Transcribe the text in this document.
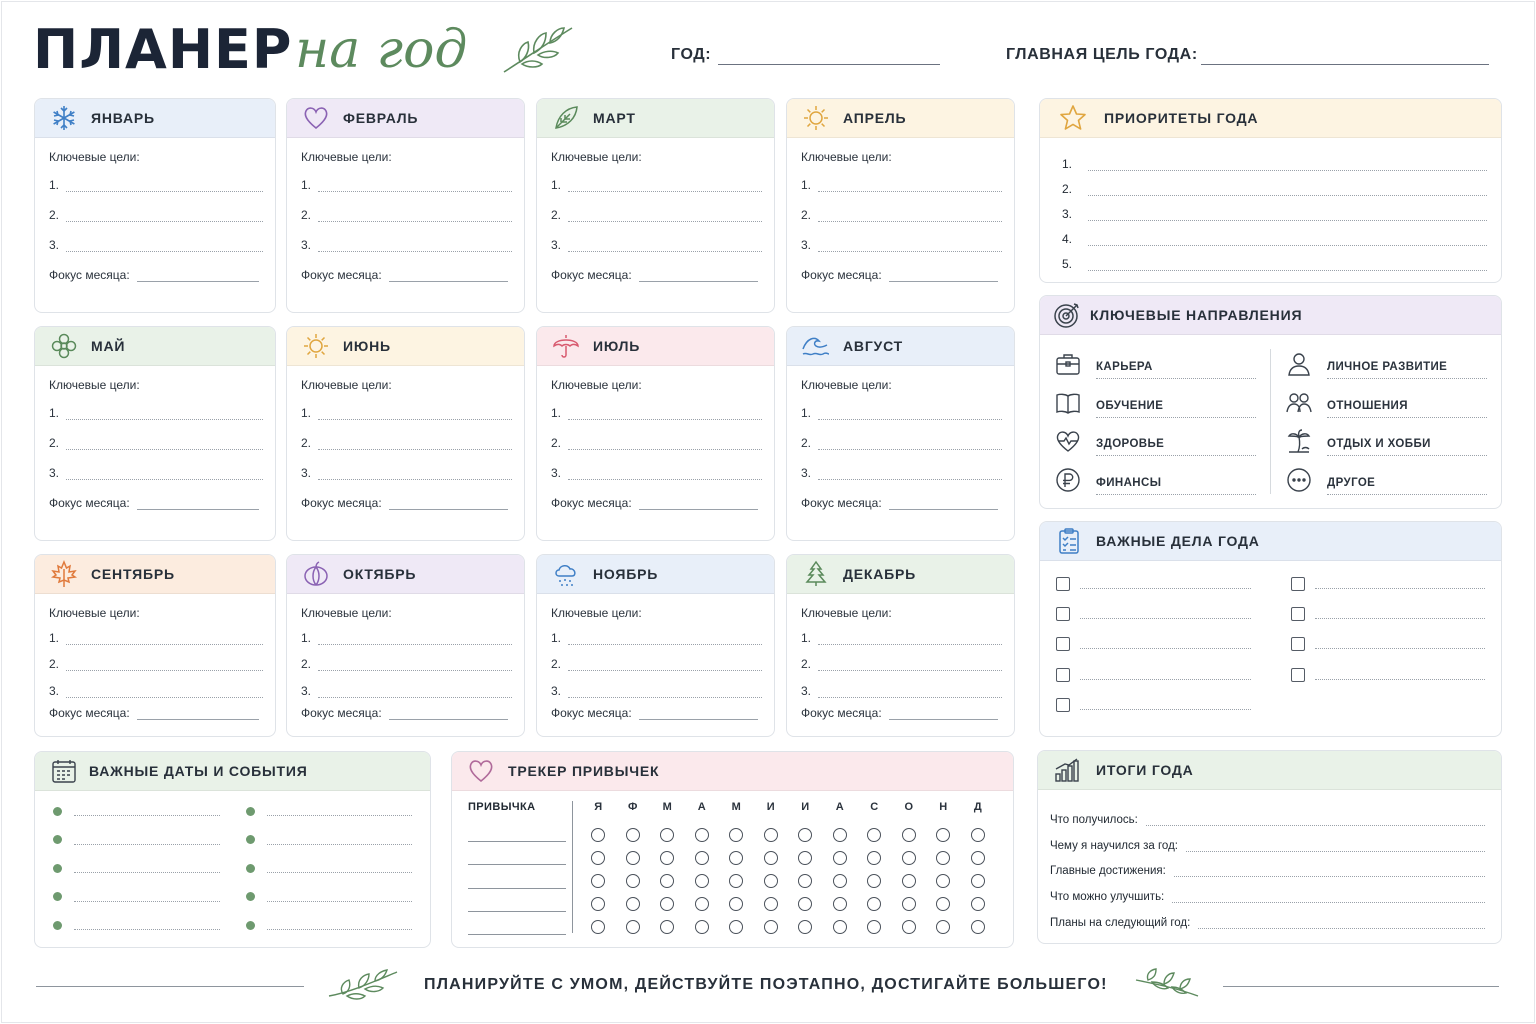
ПЛАНЕР на год	ГОД:	ГЛАВНАЯ ЦЕЛЬ ГОДА:
ЯНВАРЬ
Ключевые цели:
1.
2.
3.
Фокус месяца:
ФЕВРАЛЬ
Ключевые цели:
1.
2.
3.
Фокус месяца:
МАРТ
Ключевые цели:
1.
2.
3.
Фокус месяца:
АПРЕЛЬ
Ключевые цели:
1.
2.
3.
Фокус месяца:
МАЙ
Ключевые цели:
1.
2.
3.
Фокус месяца:
ИЮНЬ
Ключевые цели:
1.
2.
3.
Фокус месяца:
ИЮЛЬ
Ключевые цели:
1.
2.
3.
Фокус месяца:
АВГУСТ
Ключевые цели:
1.
2.
3.
Фокус месяца:
СЕНТЯБРЬ
Ключевые цели:
1.
2.
3.
Фокус месяца:
ОКТЯБРЬ
Ключевые цели:
1.
2.
3.
Фокус месяца:
НОЯБРЬ
Ключевые цели:
1.
2.
3.
Фокус месяца:
ДЕКАБРЬ
Ключевые цели:
1.
2.
3.
Фокус месяца:
ПРИОРИТЕТЫ ГОДА
1.
2.
3.
4.
5.
КЛЮЧЕВЫЕ НАПРАВЛЕНИЯ
КАРЬЕРА
ОБУЧЕНИЕ
ЗДОРОВЬЕ
ФИНАНСЫ
ЛИЧНОЕ РАЗВИТИЕ
ОТНОШЕНИЯ
ОТДЫХ И ХОББИ
ДРУГОЕ
ВАЖНЫЕ ДЕЛА ГОДА
ВАЖНЫЕ ДАТЫ И СОБЫТИЯ	ТРЕКЕР ПРИВЫЧЕК
ПРИВЫЧКА	Я	Ф	М	А	М	И	И	А	С	О	Н	Д
ИТОГИ ГОДА
Что получилось:
Чему я научился за год:
Главные достижения:
Что можно улучшить:
Планы на следующий год:
ПЛАНИРУЙТЕ С УМОМ, ДЕЙСТВУЙТЕ ПОЭТАПНО, ДОСТИГАЙТЕ БОЛЬШЕГО!
